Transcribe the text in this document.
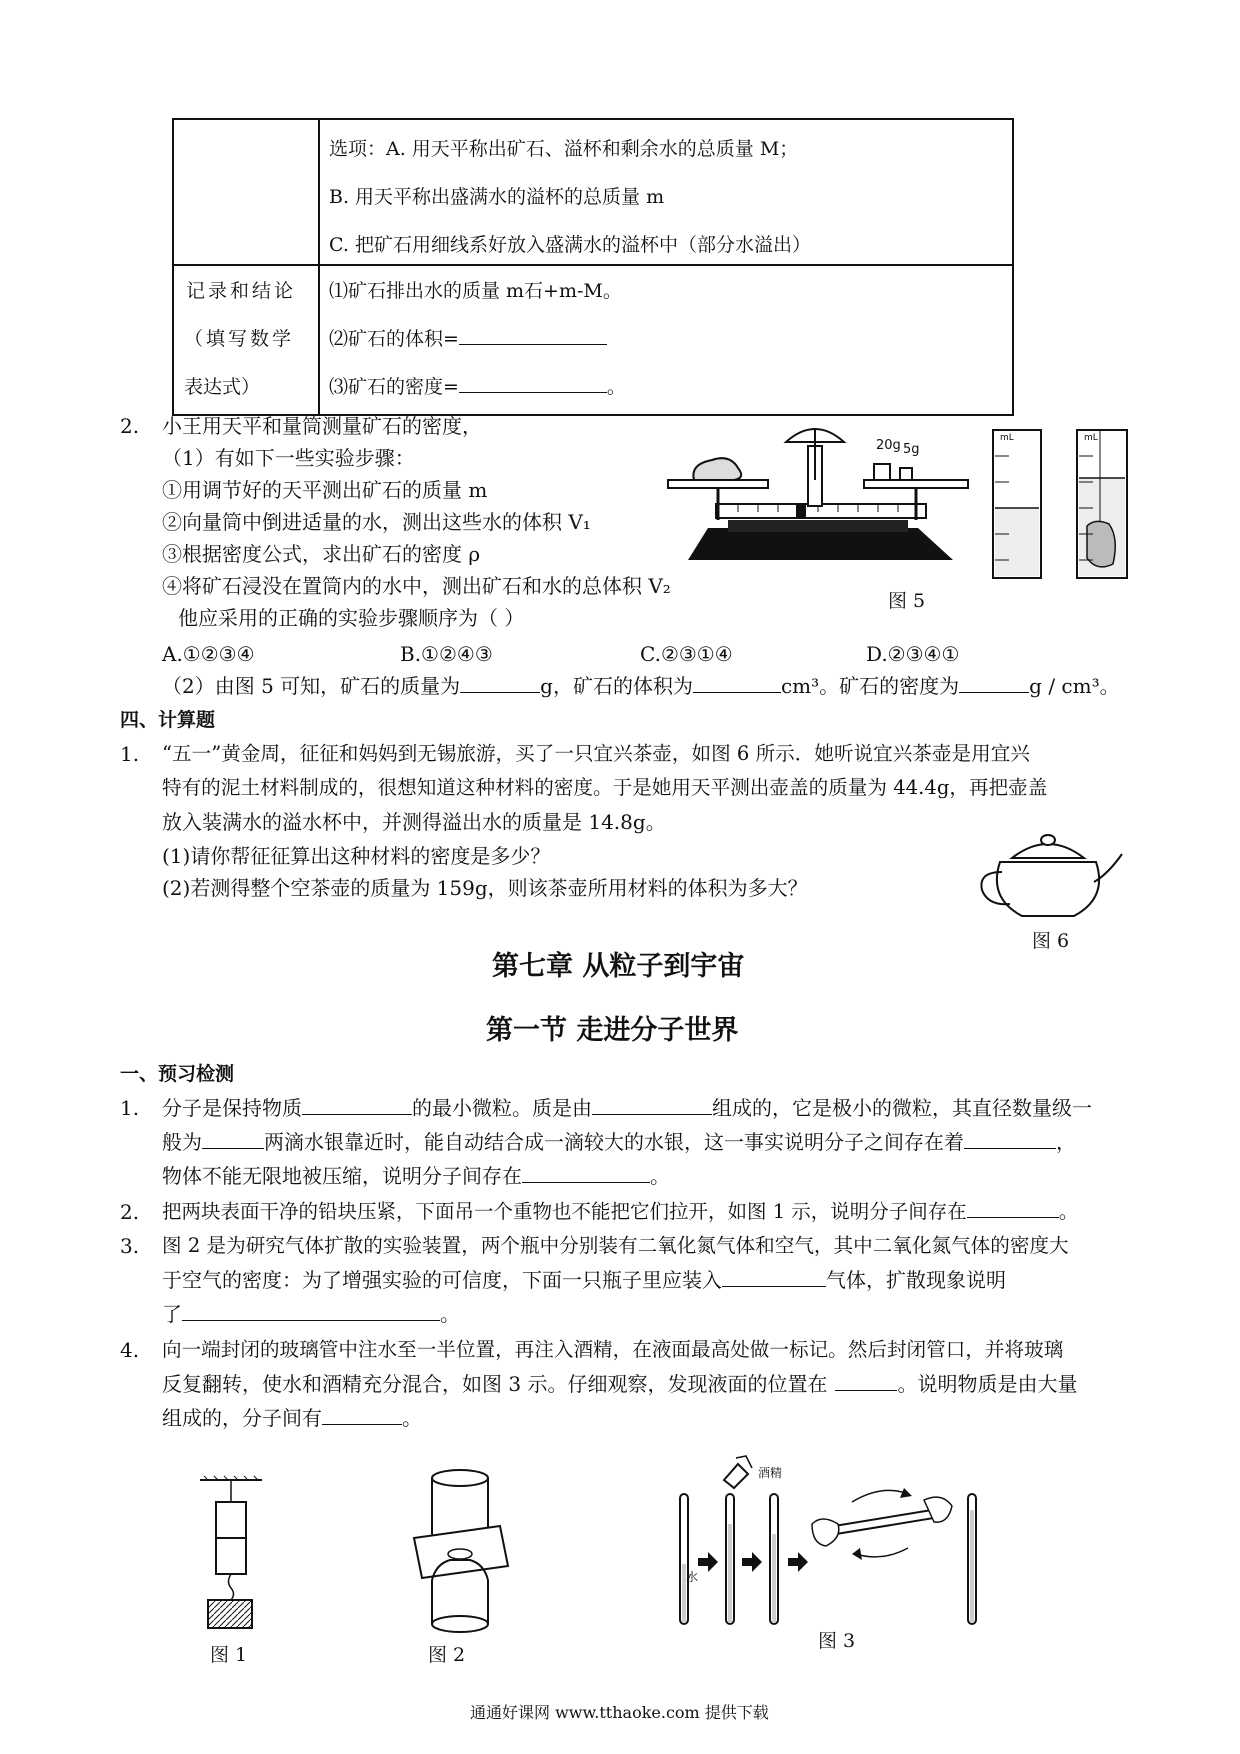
选项：A. 用天平称出矿石、溢杯和剩余水的总质量 M；
B. 用天平称出盛满水的溢杯的总质量 m
C. 把矿石用细线系好放入盛满水的溢杯中（部分水溢出）
记录和结论
（填写数学
表达式）
⑴矿石排出水的质量 m石+m-M。
⑵矿石的体积=
⑶矿石的密度=	。
2. 小王用天平和量筒测量矿石的密度，
（1）有如下一些实验步骤：
①用调节好的天平测出矿石的质量 m
②向量筒中倒进适量的水，测出这些水的体积 V₁
③根据密度公式，求出矿石的密度 ρ
④将矿石浸没在置筒内的水中，测出矿石和水的总体积 V₂
他应采用的正确的实验步骤顺序为（ ）
A.①②③④	B.①②④③	C.②③①④	D.②③④①
（2）由图 5 可知，矿石的质量为	g，矿石的体积为	cm³。矿石的密度为	g / cm³。
20g 5g
mL	mL
图 5
四、计算题
1. “五一”黄金周，征征和妈妈到无锡旅游，买了一只宜兴茶壶，如图 6 所示．她听说宜兴茶壶是用宜兴
特有的泥土材料制成的，很想知道这种材料的密度。于是她用天平测出壶盖的质量为 44.4g，再把壶盖
放入装满水的溢水杯中，并测得溢出水的质量是 14.8g。
(1)请你帮征征算出这种材料的密度是多少？
(2)若测得整个空茶壶的质量为 159g，则该茶壶所用材料的体积为多大？
图 6
第七章 从粒子到宇宙
第一节 走进分子世界
一、预习检测
1. 分子是保持物质	的最小微粒。质是由	组成的，它是极小的微粒，其直径数量级一
般为	两滴水银靠近时，能自动结合成一滴较大的水银，这一事实说明分子之间存在着	，
物体不能无限地被压缩，说明分子间存在	。
2. 把两块表面干净的铅块压紧，下面吊一个重物也不能把它们拉开，如图 1 示，说明分子间存在	。
3. 图 2 是为研究气体扩散的实验装置，两个瓶中分别装有二氧化氮气体和空气，其中二氧化氮气体的密度大
于空气的密度：为了增强实验的可信度，下面一只瓶子里应装入	气体，扩散现象说明
了	。
4. 向一端封闭的玻璃管中注水至一半位置，再注入酒精，在液面最高处做一标记。然后封闭管口，并将玻璃
反复翻转，使水和酒精充分混合，如图 3 示。仔细观察，发现液面的位置在	。说明物质是由大量
组成的，分子间有	。
图 1	图 2
酒精
水
图 3
通通好课网 www.tthaoke.com 提供下载
